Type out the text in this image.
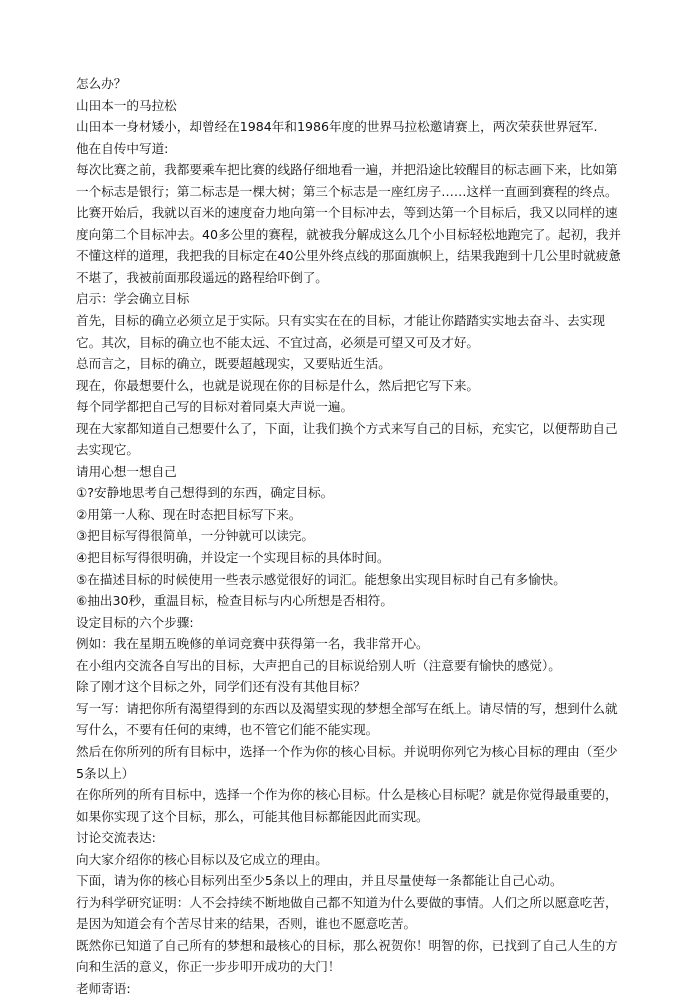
怎么办？

山田本一的马拉松

山田本一身材矮小，却曾经在1984年和1986年度的世界马拉松邀请赛上，两次荣获世界冠军.

他在自传中写道:

每次比赛之前，我都要乘车把比赛的线路仔细地看一遍，并把沿途比较醒目的标志画下来，比如第一个标志是银行；第二标志是一棵大树；第三个标志是一座红房子……这样一直画到赛程的终点。比赛开始后，我就以百米的速度奋力地向第一个目标冲去，等到达第一个目标后，我又以同样的速度向第二个目标冲去。40多公里的赛程，就被我分解成这么几个小目标轻松地跑完了。起初，我并不懂这样的道理，我把我的目标定在40公里外终点线的那面旗帜上，结果我跑到十几公里时就疲惫不堪了，我被前面那段遥远的路程给吓倒了。

启示：学会确立目标

首先，目标的确立必须立足于实际。只有实实在在的目标，才能让你踏踏实实地去奋斗、去实现它。其次，目标的确立也不能太远、不宜过高，必须是可望又可及才好。

总而言之，目标的确立，既要超越现实，又要贴近生活。

现在，你最想要什么，也就是说现在你的目标是什么，然后把它写下来。

每个同学都把自己写的目标对着同桌大声说一遍。

现在大家都知道自己想要什么了，下面，让我们换个方式来写自己的目标，充实它，以便帮助自己去实现它。

请用心想一想自己

①?安静地思考自己想得到的东西，确定目标。

②用第一人称、现在时态把目标写下来。

③把目标写得很简单，一分钟就可以读完。

④把目标写得很明确，并设定一个实现目标的具体时间。

⑤在描述目标的时候使用一些表示感觉很好的词汇。能想象出实现目标时自己有多愉快。

⑥抽出30秒，重温目标，检查目标与内心所想是否相符。

设定目标的六个步骤:

例如：我在星期五晚修的单词竞赛中获得第一名，我非常开心。

在小组内交流各自写出的目标，大声把自己的目标说给别人听（注意要有愉快的感觉）。

除了刚才这个目标之外，同学们还有没有其他目标？

写一写：请把你所有渴望得到的东西以及渴望实现的梦想全部写在纸上。请尽情的写，想到什么就写什么，不要有任何的束缚，也不管它们能不能实现。

然后在你所列的所有目标中，选择一个作为你的核心目标。并说明你列它为核心目标的理由（至少5条以上）

在你所列的所有目标中，选择一个作为你的核心目标。什么是核心目标呢？就是你觉得最重要的，如果你实现了这个目标，那么，可能其他目标都能因此而实现。

讨论交流表达:

向大家介绍你的核心目标以及它成立的理由。

下面，请为你的核心目标列出至少5条以上的理由，并且尽量使每一条都能让自己心动。

行为科学研究证明：人不会持续不断地做自己都不知道为什么要做的事情。人们之所以愿意吃苦，是因为知道会有个苦尽甘来的结果，否则，谁也不愿意吃苦。

既然你已知道了自己所有的梦想和最核心的目标，那么祝贺你！明智的你，已找到了自己人生的方向和生活的意义，你正一步步叩开成功的大门！

老师寄语:
